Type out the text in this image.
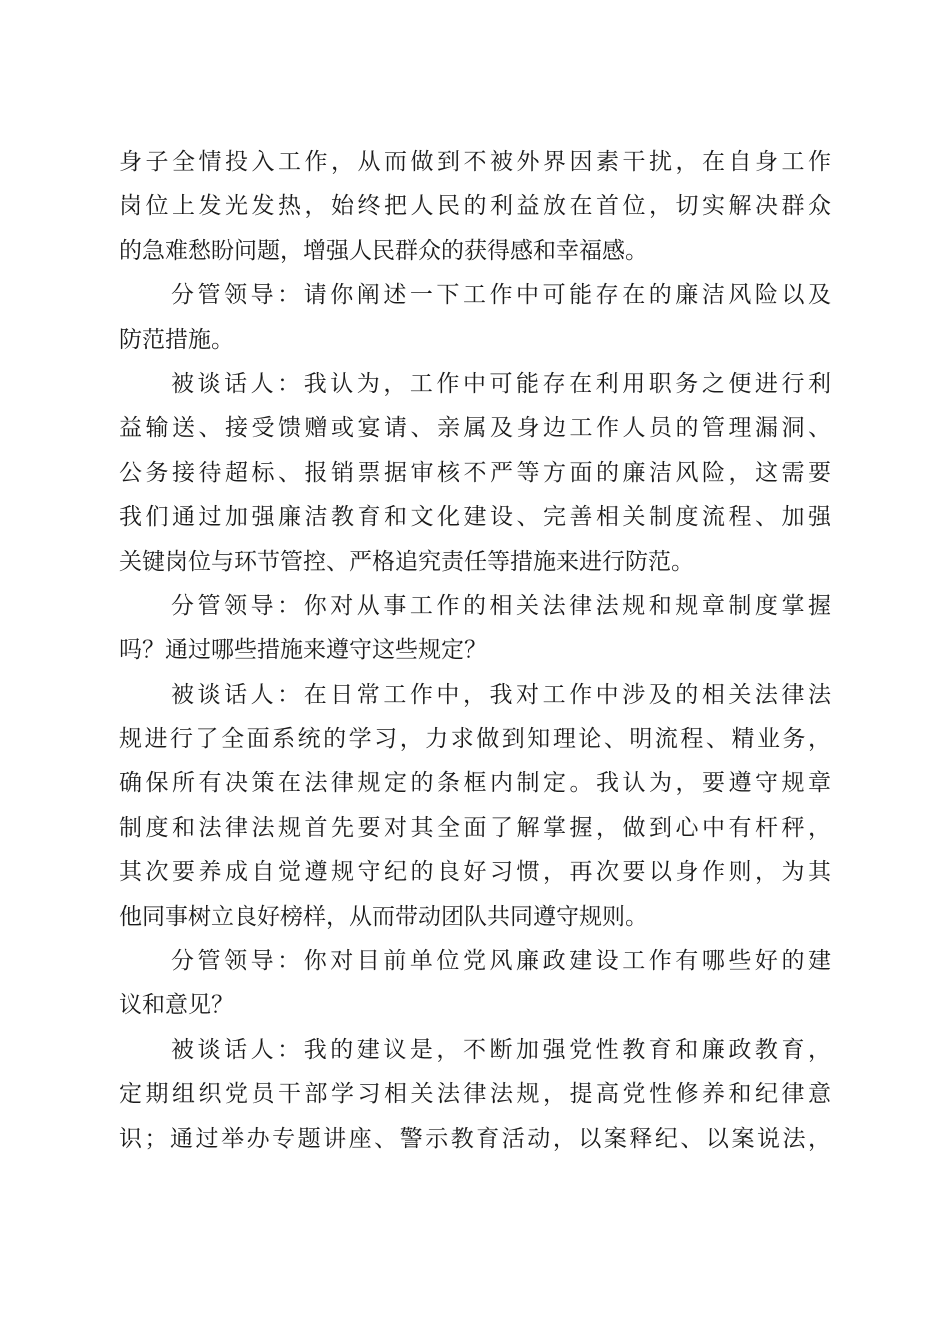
身子全情投入工作，从而做到不被外界因素干扰，在自身工作
岗位上发光发热，始终把人民的利益放在首位，切实解决群众
的急难愁盼问题，增强人民群众的获得感和幸福感。
分管领导：请你阐述一下工作中可能存在的廉洁风险以及
防范措施。
被谈话人：我认为，工作中可能存在利用职务之便进行利
益输送、接受馈赠或宴请、亲属及身边工作人员的管理漏洞、
公务接待超标、报销票据审核不严等方面的廉洁风险，这需要
我们通过加强廉洁教育和文化建设、完善相关制度流程、加强
关键岗位与环节管控、严格追究责任等措施来进行防范。
分管领导：你对从事工作的相关法律法规和规章制度掌握
吗？通过哪些措施来遵守这些规定？
被谈话人：在日常工作中，我对工作中涉及的相关法律法
规进行了全面系统的学习，力求做到知理论、明流程、精业务，
确保所有决策在法律规定的条框内制定。我认为，要遵守规章
制度和法律法规首先要对其全面了解掌握，做到心中有杆秤，
其次要养成自觉遵规守纪的良好习惯，再次要以身作则，为其
他同事树立良好榜样，从而带动团队共同遵守规则。
分管领导：你对目前单位党风廉政建设工作有哪些好的建
议和意见？
被谈话人：我的建议是，不断加强党性教育和廉政教育，
定期组织党员干部学习相关法律法规，提高党性修养和纪律意
识；通过举办专题讲座、警示教育活动，以案释纪、以案说法，
